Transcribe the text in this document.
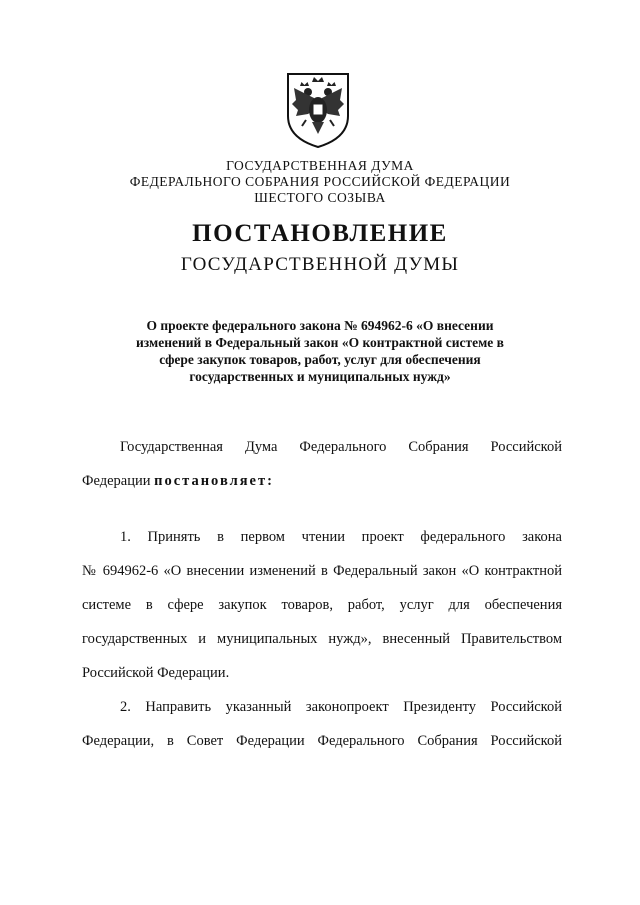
ГОСУДАРСТВЕННАЯ ДУМА
ФЕДЕРАЛЬНОГО СОБРАНИЯ РОССИЙСКОЙ ФЕДЕРАЦИИ
ШЕСТОГО СОЗЫВА
ПОСТАНОВЛЕНИЕ
ГОСУДАРСТВЕННОЙ ДУМЫ
О проекте федерального закона № 694962-6 «О внесении
изменений в Федеральный закон «О контрактной системе в
сфере закупок товаров, работ, услуг для обеспечения
государственных и муниципальных нужд»
Государственная Дума Федерального Собрания Российской
Федерации постановляет:
1. Принять в первом чтении проект федерального закона
№ 694962-6 «О внесении изменений в Федеральный закон «О контрактной
системе в сфере закупок товаров, работ, услуг для обеспечения
государственных и муниципальных нужд», внесенный Правительством
Российской Федерации.
2. Направить указанный законопроект Президенту Российской
Федерации, в Совет Федерации Федерального Собрания Российской
